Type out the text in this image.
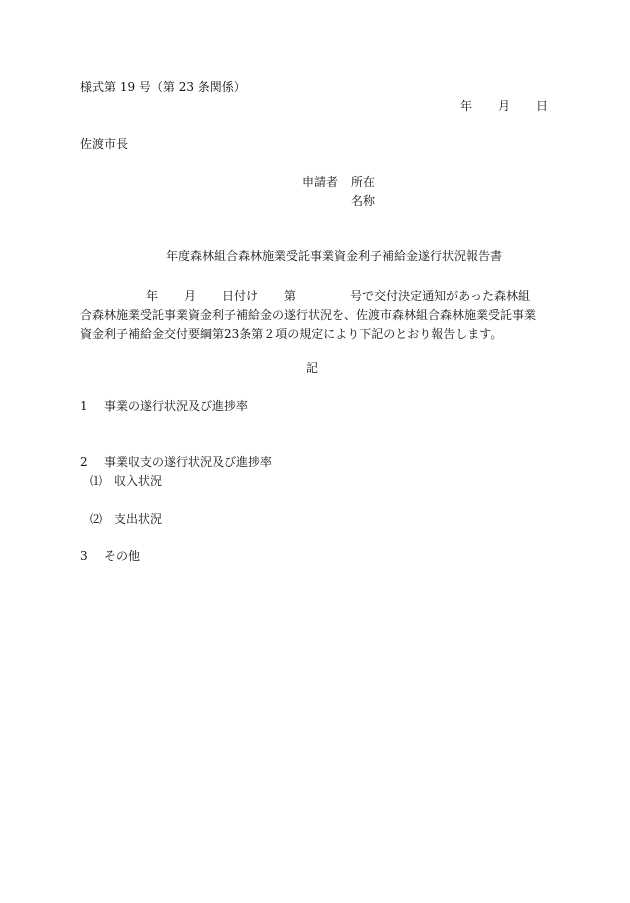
様式第 19 号（第 23 条関係）
年 月 日
佐渡市長
申請者 所在
名称
年度森林組合森林施業受託事業資金利子補給金遂行状況報告書
年 月 日付け 第	号で交付決定通知があった森林組
合森林施業受託事業資金利子補給金の遂行状況を、佐渡市森林組合森林施業受託事業
資金利子補給金交付要綱第23条第２項の規定により下記のとおり報告します。
記
1 事業の遂行状況及び進捗率
2 事業収支の遂行状況及び進捗率
⑴ 収入状況
⑵ 支出状況
3 その他
